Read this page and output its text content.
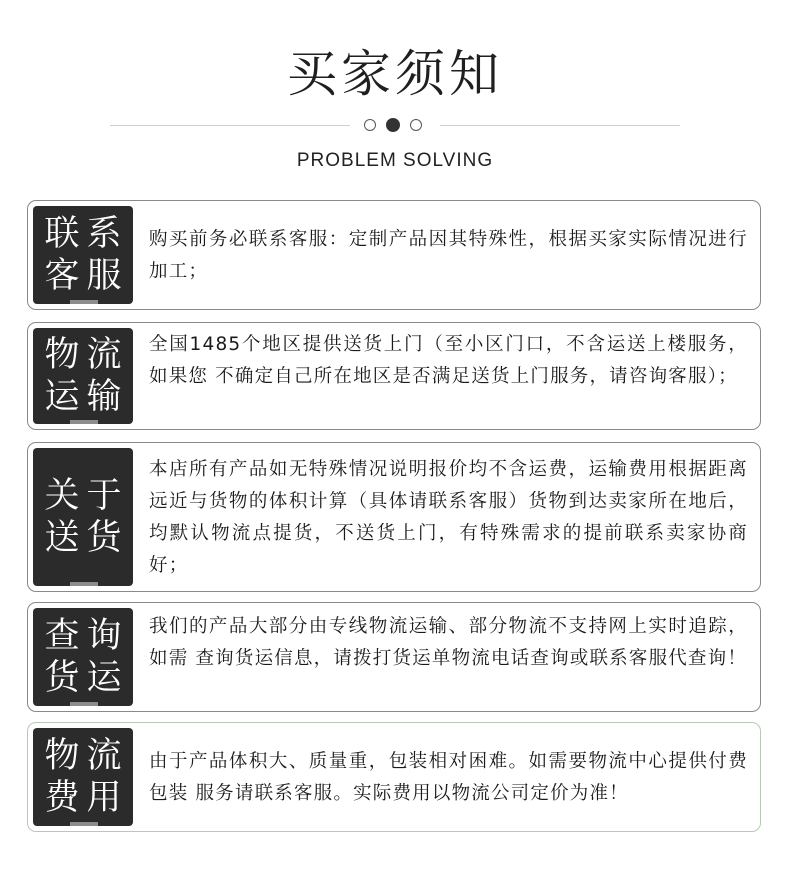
买家须知
PROBLEM SOLVING
联系
客服
购买前务必联系客服：定制产品因其特殊性，根据买家实际情况进行加工；
物流
运输
全国1485个地区提供送货上门（至小区门口，不含运送上楼服务，如果您 不确定自己所在地区是否满足送货上门服务，请咨询客服）；
关于
送货
本店所有产品如无特殊情况说明报价均不含运费，运输费用根据距离远近与货物的体积计算（具体请联系客服）货物到达卖家所在地后，均默认物流点提货，不送货上门，有特殊需求的提前联系卖家协商好；
查询
货运
我们的产品大部分由专线物流运输、部分物流不支持网上实时追踪，如需 查询货运信息，请拨打货运单物流电话查询或联系客服代查询！
物流
费用
由于产品体积大、质量重，包装相对困难。如需要物流中心提供付费包装 服务请联系客服。实际费用以物流公司定价为准！
